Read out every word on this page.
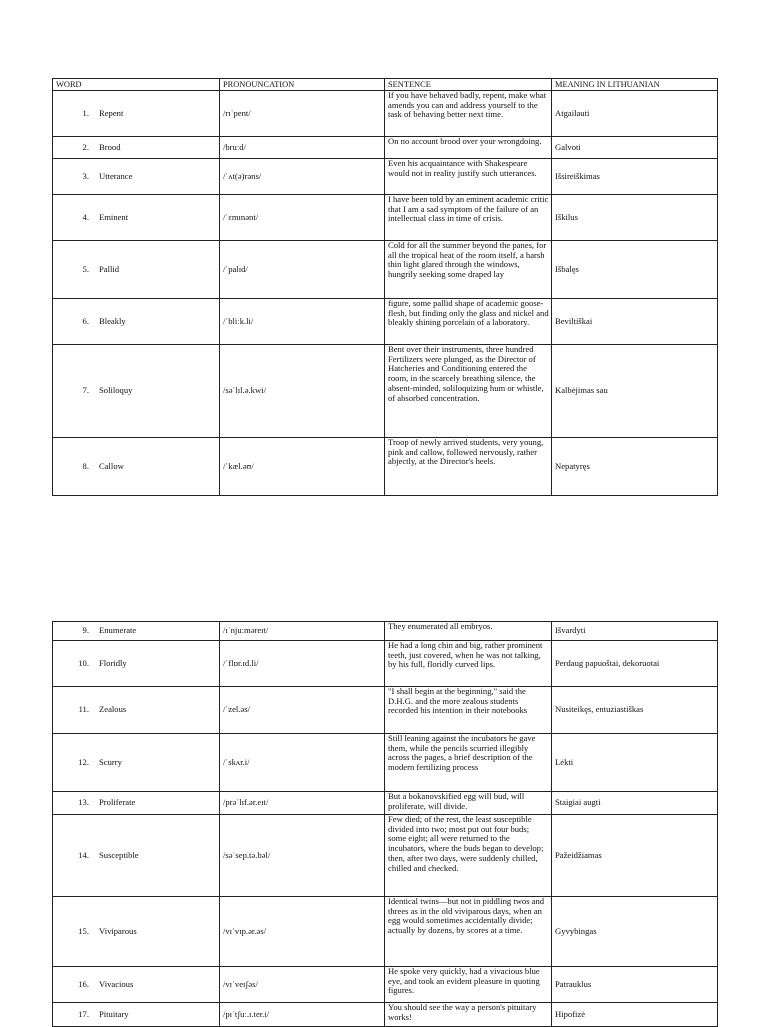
WORD	PRONOUNCATION	SENTENCE	MEANING IN LITHUANIAN
1. Repent	/rɪˈpent/	If you have behaved badly, repent, make what amends you can and address yourself to the task of behaving better next time.	Atgailauti
2. Brood	/bruːd/	On no account brood over your wrongdoing.	Galvoti
3. Utterance	/ˈʌt(ə)rəns/	Even his acquaintance with Shakespeare would not in reality justify such utterances.	Išsireiškimas
4. Eminent	/ˈɛmɪnənt/	I have been told by an eminent academic critic that I am a sad symptom of the failure of an intellectual class in time of crisis.	Iškilus
5. Pallid	/ˈpalɪd/	Cold for all the summer beyond the panes, for all the tropical heat of the room itself, a harsh thin light glared through the windows, hungrily seeking some draped lay	Išbalęs
6. Bleakly	/ˈbliːk.li/	figure, some pallid shape of academic goose-flesh, but finding only the glass and nickel and bleakly shining porcelain of a laboratory.	Beviltiškai
7. Soliloquy	/səˈlɪl.ə.kwi/	Bent over their instruments, three hundred Fertilizers were plunged, as the Director of Hatcheries and Conditioning entered the room, in the scarcely breathing silence, the absent-minded, soliloquizing hum or whistle, of absorbed concentration.	Kalbėjimas sau
8. Callow	/ˈkæl.əʊ/	Troop of newly arrived students, very young, pink and callow, followed nervously, rather abjectly, at the Director's heels.	Nepatyręs
9. Enumerate	/ɪˈnjuːməreɪt/	They enumerated all embryos.	Išvardyti
10. Floridly	/ˈflɒr.ɪd.li/	He had a long chin and big, rather prominent teeth, just covered, when he was not talking, by his full, floridly curved lips.	Perdaug papuoštai, dekoruotai
11. Zealous	/ˈzel.əs/	"I shall begin at the beginning," said the D.H.G. and the more zealous students recorded his intention in their notebooks	Nusiteikęs, entuziastiškas
12. Scurry	/ˈskʌr.i/	Still leaning against the incubators he gave them, while the pencils scurried illegibly across the pages, a brief description of the modern fertilizing process	Lėkti
13. Proliferate	/prəˈlɪf.ər.eɪt/	But a bokanovskified egg will bud, will proliferate, will divide.	Staigiai augti
14. Susceptible	/səˈsep.tə.bəl/	Few died; of the rest, the least susceptible divided into two; most put out four buds; some eight; all were returned to the incubators, where the buds began to develop; then, after two days, were suddenly chilled, chilled and checked.	Pažeidžiamas
15. Viviparous	/vɪˈvɪp.ər.əs/	Identical twins—but not in piddling twos and threes as in the old viviparous days, when an egg would sometimes accidentally divide; actually by dozens, by scores at a time.	Gyvybingas
16. Vivacious	/vɪˈveɪʃəs/	He spoke very quickly, had a vivacious blue eye, and took an evident pleasure in quoting figures.	Patrauklus
17. Pituitary	/pɪˈtʃuː.ɪ.ter.i/	You should see the way a person's pituitary works!	Hipofizė
